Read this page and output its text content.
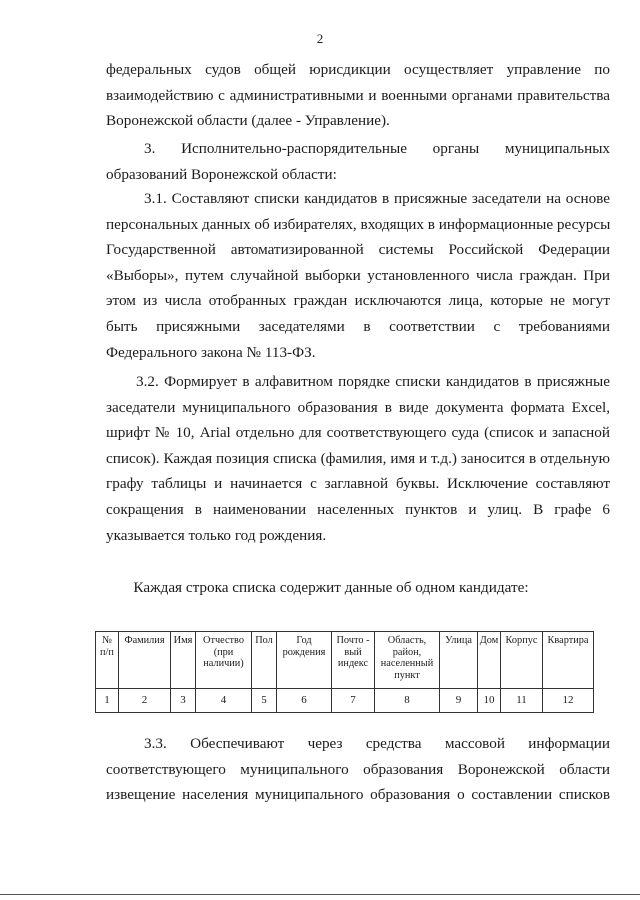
2
федеральных судов общей юрисдикции осуществляет управление по
взаимодействию с административными и военными органами правительства
Воронежской области (далее - Управление).
3. Исполнительно-распорядительные органы муниципальных
образований Воронежской области:
3.1. Составляют списки кандидатов в присяжные заседатели на основе
персональных данных об избирателях, входящих в информационные ресурсы
Государственной автоматизированной системы Российской Федерации
«Выборы», путем случайной выборки установленного числа граждан. При
этом из числа отобранных граждан исключаются лица, которые не могут
быть присяжными заседателями в соответствии с требованиями
Федерального закона № 113-ФЗ.
3.2. Формирует в алфавитном порядке списки кандидатов в присяжные
заседатели муниципального образования в виде документа формата Excel,
шрифт № 10, Arial отдельно для соответствующего суда (список и запасной
список). Каждая позиция списка (фамилия, имя и т.д.) заносится в отдельную
графу таблицы и начинается с заглавной буквы. Исключение составляют
сокращения в наименовании населенных пунктов и улиц. В графе 6
указывается только год рождения.
Каждая строка списка содержит данные об одном кандидате:
№ п/п	Фамилия	Имя	Отчество (при наличии)	Пол	Год рождения	Почто - вый индекс	Область, район, населенный пункт	Улица	Дом	Корпус	Квартира
1	2	3	4	5	6	7	8	9	10	11	12
3.3. Обеспечивают через средства массовой информации
соответствующего муниципального образования Воронежской области
извещение населения муниципального образования о составлении списков
